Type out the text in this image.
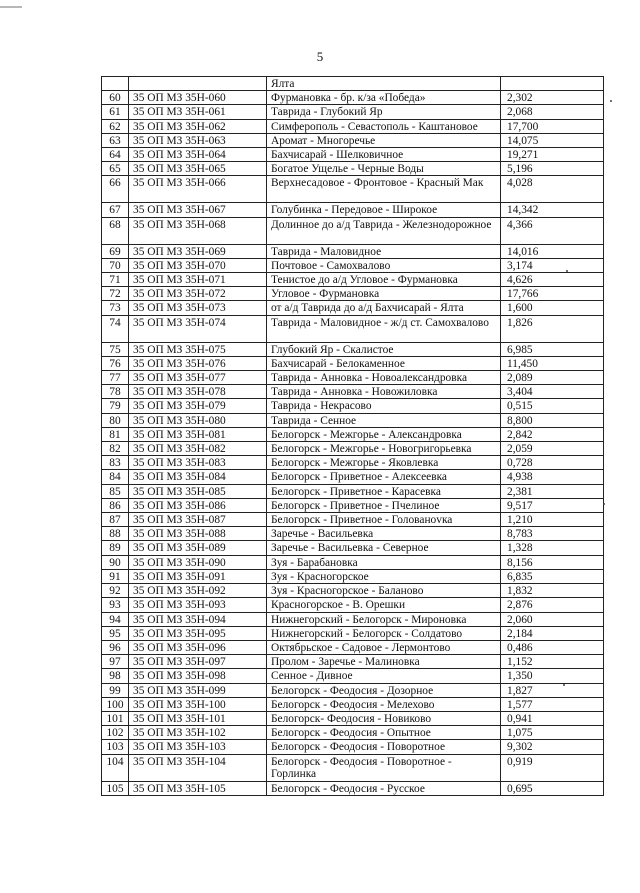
5
		Ялта	
60	35 ОП МЗ 35Н-060	Фурмановка - бр. к/за «Победа»	2,302
61	35 ОП МЗ 35Н-061	Таврида - Глубокий Яр	2,068
62	35 ОП МЗ 35Н-062	Симферополь - Севастополь - Каштановое	17,700
63	35 ОП МЗ 35Н-063	Аромат - Многоречье	14,075
64	35 ОП МЗ 35Н-064	Бахчисарай - Шелковичное	19,271
65	35 ОП МЗ 35Н-065	Богатое Ущелье - Черные Воды	5,196
66	35 ОП МЗ 35Н-066	Верхнесадовое - Фронтовое - Красный Мак	4,028
67	35 ОП МЗ 35Н-067	Голубинка - Передовое - Широкое	14,342
68	35 ОП МЗ 35Н-068	Долинное до а/д Таврида - Железнодорожное	4,366
69	35 ОП МЗ 35Н-069	Таврида - Маловидное	14,016
70	35 ОП МЗ 35Н-070	Почтовое - Самохвалово	3,174
71	35 ОП МЗ 35Н-071	Тенистое до а/д Угловое - Фурмановка	4,626
72	35 ОП МЗ 35Н-072	Угловое - Фурмановка	17,766
73	35 ОП МЗ 35Н-073	от а/д Таврида до а/д Бахчисарай - Ялта	1,600
74	35 ОП МЗ 35Н-074	Таврида - Маловидное - ж/д ст. Самохвалово	1,826
75	35 ОП МЗ 35Н-075	Глубокий Яр - Скалистое	6,985
76	35 ОП МЗ 35Н-076	Бахчисарай - Белокаменное	11,450
77	35 ОП МЗ 35Н-077	Таврида - Анновка - Новоалександровка	2,089
78	35 ОП МЗ 35Н-078	Таврида - Анновка - Новожиловка	3,404
79	35 ОП МЗ 35Н-079	Таврида - Некрасово	0,515
80	35 ОП МЗ 35Н-080	Таврида - Сенное	8,800
81	35 ОП МЗ 35Н-081	Белогорск - Межгорье - Александровка	2,842
82	35 ОП МЗ 35Н-082	Белогорск - Межгорье - Новогригорьевка	2,059
83	35 ОП МЗ 35Н-083	Белогорск - Межгорье - Яковлевка	0,728
84	35 ОП МЗ 35Н-084	Белогорск - Приветное - Алексеевка	4,938
85	35 ОП МЗ 35Н-085	Белогорск - Приветное - Карасевка	2,381
86	35 ОП МЗ 35Н-086	Белогорск - Приветное - Пчелиное	9,517
87	35 ОП МЗ 35Н-087	Белогорск - Приветное - Голованоvка	1,210
88	35 ОП МЗ 35Н-088	Заречье - Васильевка	8,783
89	35 ОП МЗ 35Н-089	Заречье - Васильевка - Северное	1,328
90	35 ОП МЗ 35Н-090	Зуя - Барабановка	8,156
91	35 ОП МЗ 35Н-091	Зуя - Красногорское	6,835
92	35 ОП МЗ 35Н-092	Зуя - Красногорское - Баланово	1,832
93	35 ОП МЗ 35Н-093	Красногорское - В. Орешки	2,876
94	35 ОП МЗ 35Н-094	Нижнегорский - Белогорск - Мироновка	2,060
95	35 ОП МЗ 35Н-095	Нижнегорский - Белогорск - Солдатово	2,184
96	35 ОП МЗ 35Н-096	Октябрьское - Садовое - Лермонтово	0,486
97	35 ОП МЗ 35Н-097	Пролом - Заречье - Малиновка	1,152
98	35 ОП МЗ 35Н-098	Сенное - Дивное	1,350
99	35 ОП МЗ 35Н-099	Белогорск - Феодосия - Дозорное	1,827
100	35 ОП МЗ 35Н-100	Белогорск - Феодосия - Мелехово	1,577
101	35 ОП МЗ 35Н-101	Белогорск- Феодосия - Новиково	0,941
102	35 ОП МЗ 35Н-102	Белогорск - Феодосия - Опытное	1,075
103	35 ОП МЗ 35Н-103	Белогорск - Феодосия - Поворотное	9,302
104	35 ОП МЗ 35Н-104	Белогорск - Феодосия - Поворотное - Горлинка	0,919
105	35 ОП МЗ 35Н-105	Белогорск - Феодосия - Русское	0,695
